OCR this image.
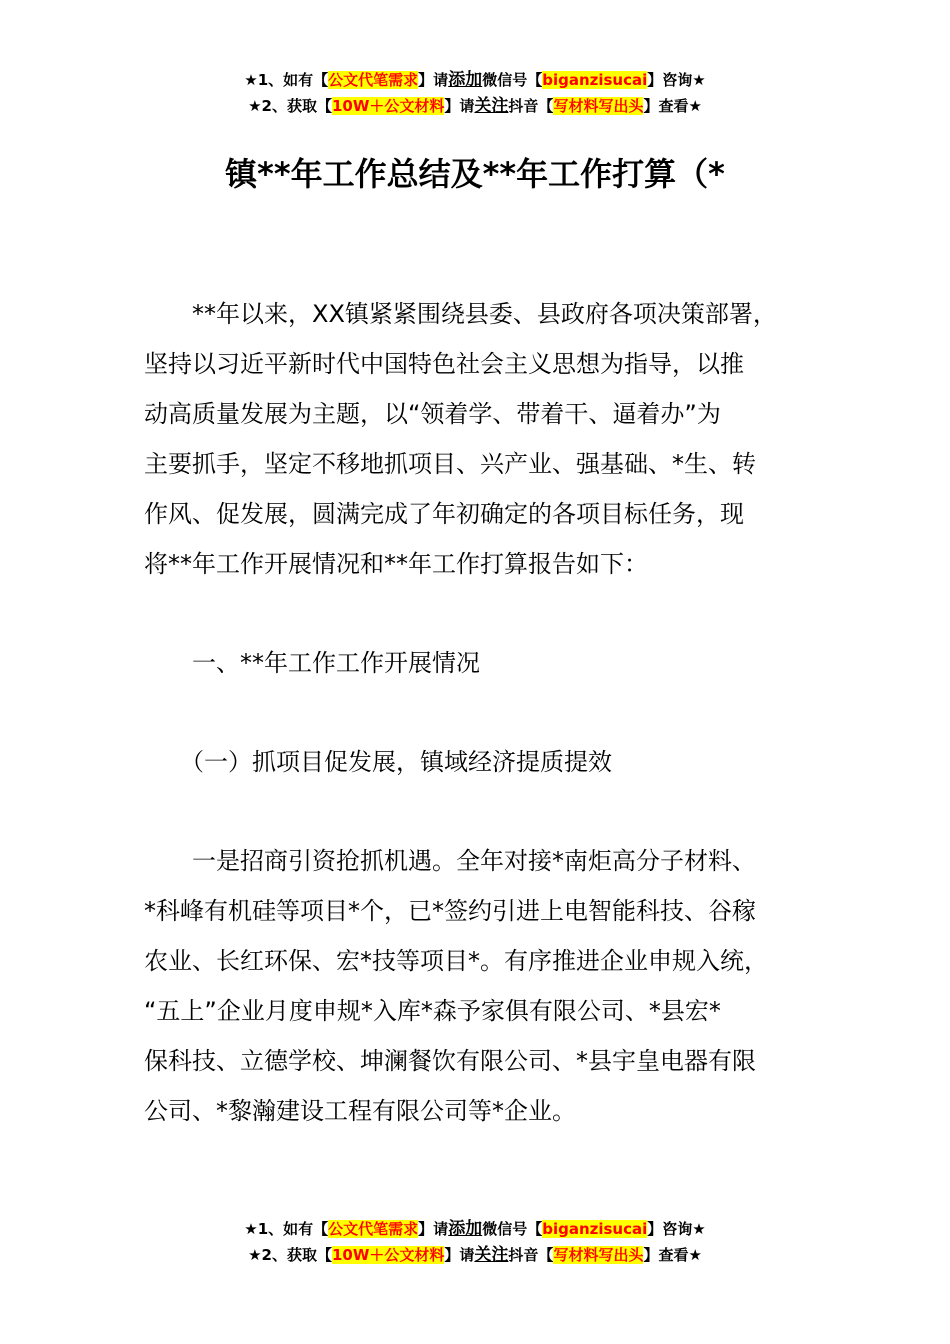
★1、如有【公文代笔需求】请添加微信号【biganzisucai】咨询★
★2、获取【10W＋公文材料】请关注抖音【写材料写出头】查看★
镇**年工作总结及**年工作打算（*
　　**年以来，XX镇紧紧围绕县委、县政府各项决策部署，
坚持以习近平新时代中国特色社会主义思想为指导，以推
动高质量发展为主题，以“领着学、带着干、逼着办”为
主要抓手，坚定不移地抓项目、兴产业、强基础、*生、转
作风、促发展，圆满完成了年初确定的各项目标任务，现
将**年工作开展情况和**年工作打算报告如下：
　　一、**年工作工作开展情况
　　（一）抓项目促发展，镇域经济提质提效
　　一是招商引资抢抓机遇。全年对接*南炬高分子材料、
*科峰有机硅等项目*个，已*签约引进上电智能科技、谷稼
农业、长红环保、宏*技等项目*。有序推进企业申规入统，
“五上”企业月度申规*入库*森予家俱有限公司、*县宏*
保科技、立德学校、坤澜餐饮有限公司、*县宇皇电器有限
公司、*黎瀚建设工程有限公司等*企业。
★1、如有【公文代笔需求】请添加微信号【biganzisucai】咨询★
★2、获取【10W＋公文材料】请关注抖音【写材料写出头】查看★
